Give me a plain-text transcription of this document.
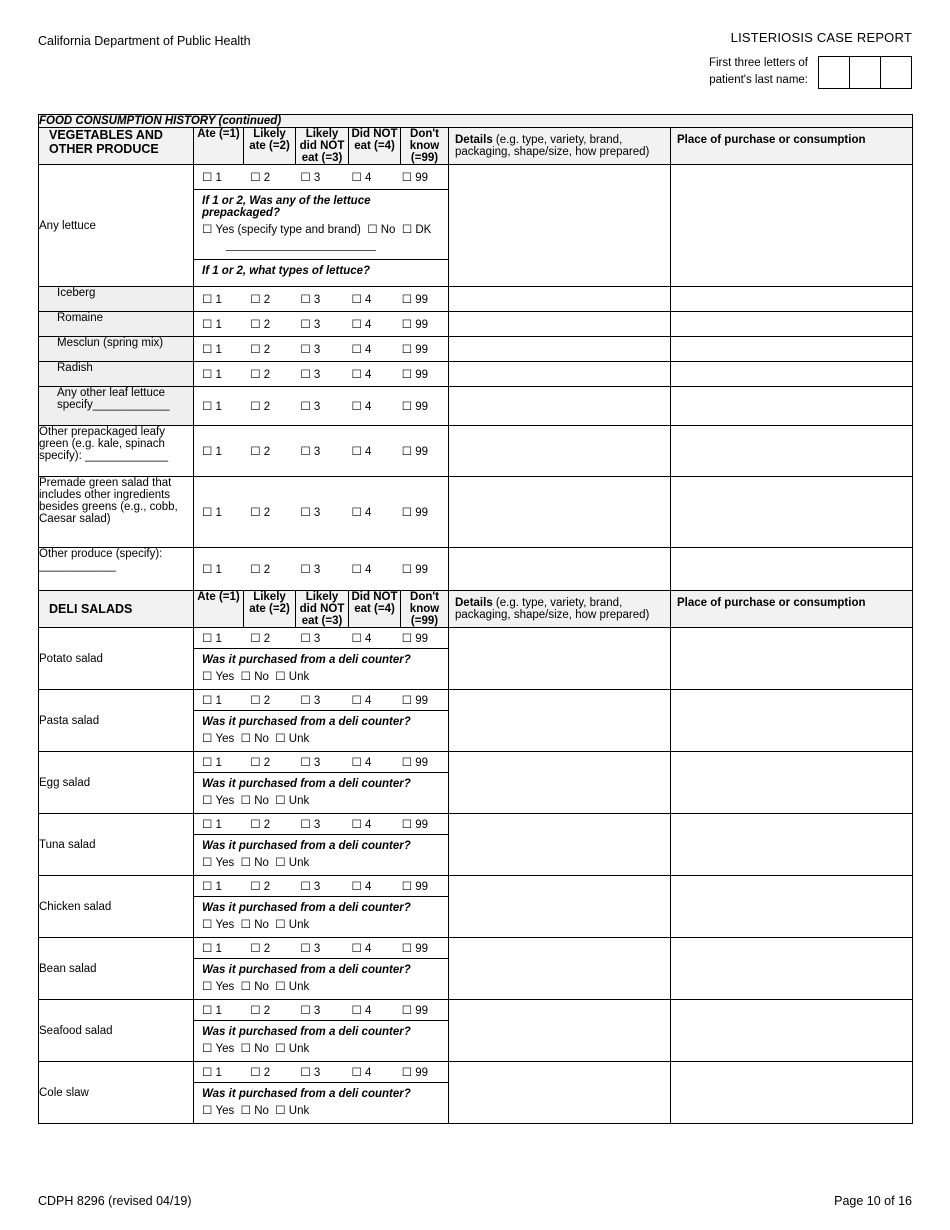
California Department of Public Health	LISTERIOSIS CASE REPORT
First three letters of
patient's last name:
FOOD CONSUMPTION HISTORY (continued)							
VEGETABLES AND OTHER PRODUCE	Ate (=1)	Likely ate (=2)	Likely did NOT eat (=3)	Did NOT eat (=4)	Don't know (=99)	Details (e.g. type, variety, brand, packaging, shape/size, how prepared)	Place of purchase or consumption
Any lettuce	
☐ 1	☐ 2	☐ 3	☐ 4	☐ 99
If 1 or 2, Was any of the lettuce prepackaged?
☐ Yes (specify type and brand)  ☐ No  ☐ DK
If 1 or 2, what types of lettuce?

Iceberg	☐ 1 ☐ 2 ☐ 3 ☐ 4 ☐ 99						

Romaine	☐ 1 ☐ 2 ☐ 3 ☐ 4 ☐ 99						

Mesclun (spring mix)	☐ 1 ☐ 2 ☐ 3 ☐ 4 ☐ 99						

Radish	☐ 1 ☐ 2 ☐ 3 ☐ 4 ☐ 99						

Any other leaf lettuce specify____________	☐ 1 ☐ 2 ☐ 3 ☐ 4 ☐ 99						

Other prepackaged leafy green (e.g. kale, spinach specify): _____________	☐ 1 ☐ 2 ☐ 3 ☐ 4 ☐ 99						

Premade green salad that includes other ingredients besides greens (e.g., cobb, Caesar salad)	☐ 1 ☐ 2 ☐ 3 ☐ 4 ☐ 99						

Other produce (specify): ____________	☐ 1 ☐ 2 ☐ 3 ☐ 4 ☐ 99						

DELI SALADS	Ate (=1)	Likely ate (=2)	Likely did NOT eat (=3)	Did NOT eat (=4)	Don't know (=99)	Details (e.g. type, variety, brand, packaging, shape/size, how prepared)	Place of purchase or consumption
Potato salad	
☐ 1	☐ 2	☐ 3	☐ 4	☐ 99
Was it purchased from a deli counter?
☐ Yes  ☐ No  ☐ Unk

Pasta salad	
☐ 1	☐ 2	☐ 3	☐ 4	☐ 99
Was it purchased from a deli counter?
☐ Yes  ☐ No  ☐ Unk

Egg salad	
☐ 1	☐ 2	☐ 3	☐ 4	☐ 99
Was it purchased from a deli counter?
☐ Yes  ☐ No  ☐ Unk

Tuna salad	
☐ 1	☐ 2	☐ 3	☐ 4	☐ 99
Was it purchased from a deli counter?
☐ Yes  ☐ No  ☐ Unk

Chicken salad	
☐ 1	☐ 2	☐ 3	☐ 4	☐ 99
Was it purchased from a deli counter?
☐ Yes  ☐ No  ☐ Unk

Bean salad	
☐ 1	☐ 2	☐ 3	☐ 4	☐ 99
Was it purchased from a deli counter?
☐ Yes  ☐ No  ☐ Unk

Seafood salad	
☐ 1	☐ 2	☐ 3	☐ 4	☐ 99
Was it purchased from a deli counter?
☐ Yes  ☐ No  ☐ Unk

Cole slaw	
☐ 1	☐ 2	☐ 3	☐ 4	☐ 99
Was it purchased from a deli counter?
☐ Yes  ☐ No  ☐ Unk

CDPH 8296 (revised 04/19)	Page 10 of 16
